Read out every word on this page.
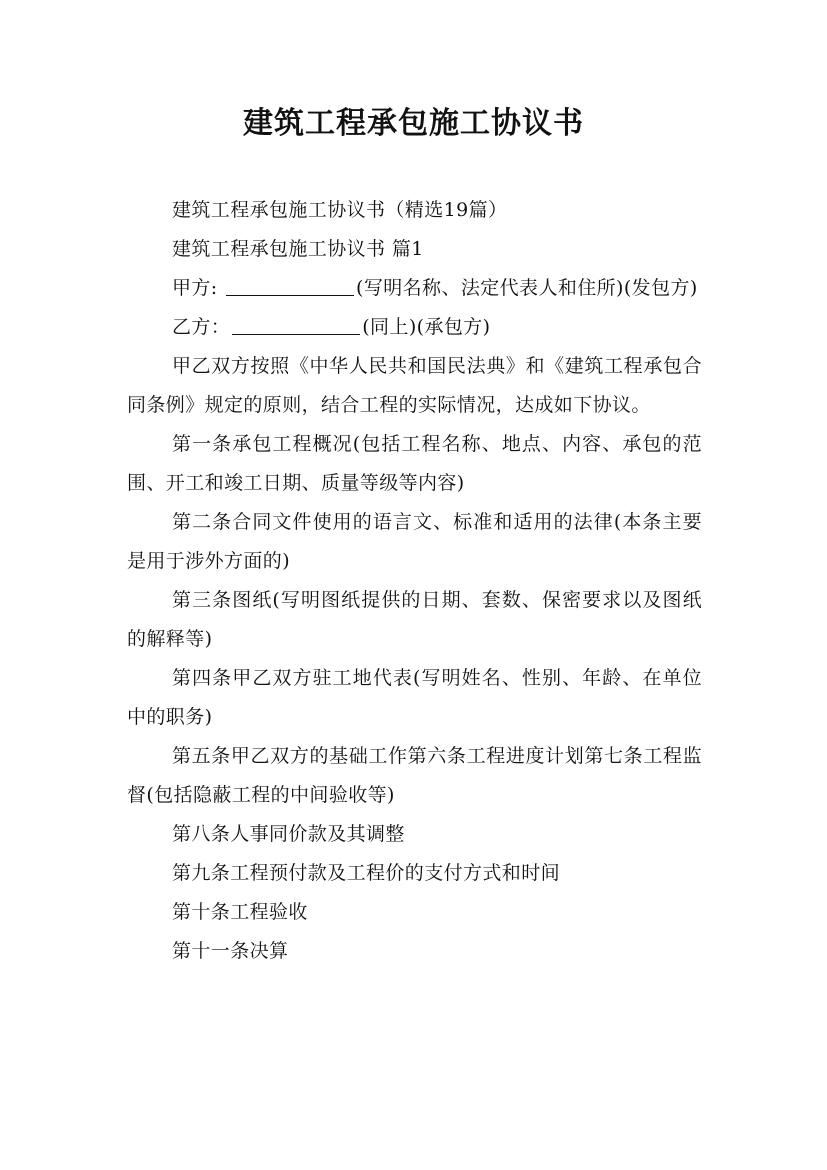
建筑工程承包施工协议书

建筑工程承包施工协议书（精选19篇）

建筑工程承包施工协议书 篇1

甲方:	(写明名称、法定代表人和住所)(发包方)

乙方：	(同上)(承包方)

甲乙双方按照《中华人民共和国民法典》和《建筑工程承包合同条例》规定的原则，结合工程的实际情况，达成如下协议。

第一条承包工程概况(包括工程名称、地点、内容、承包的范围、开工和竣工日期、质量等级等内容)

第二条合同文件使用的语言文、标准和适用的法律(本条主要是用于涉外方面的)

第三条图纸(写明图纸提供的日期、套数、保密要求以及图纸的解释等)

第四条甲乙双方驻工地代表(写明姓名、性别、年龄、在单位中的职务)

第五条甲乙双方的基础工作第六条工程进度计划第七条工程监督(包括隐蔽工程的中间验收等)

第八条人事同价款及其调整

第九条工程预付款及工程价的支付方式和时间

第十条工程验收

第十一条决算
